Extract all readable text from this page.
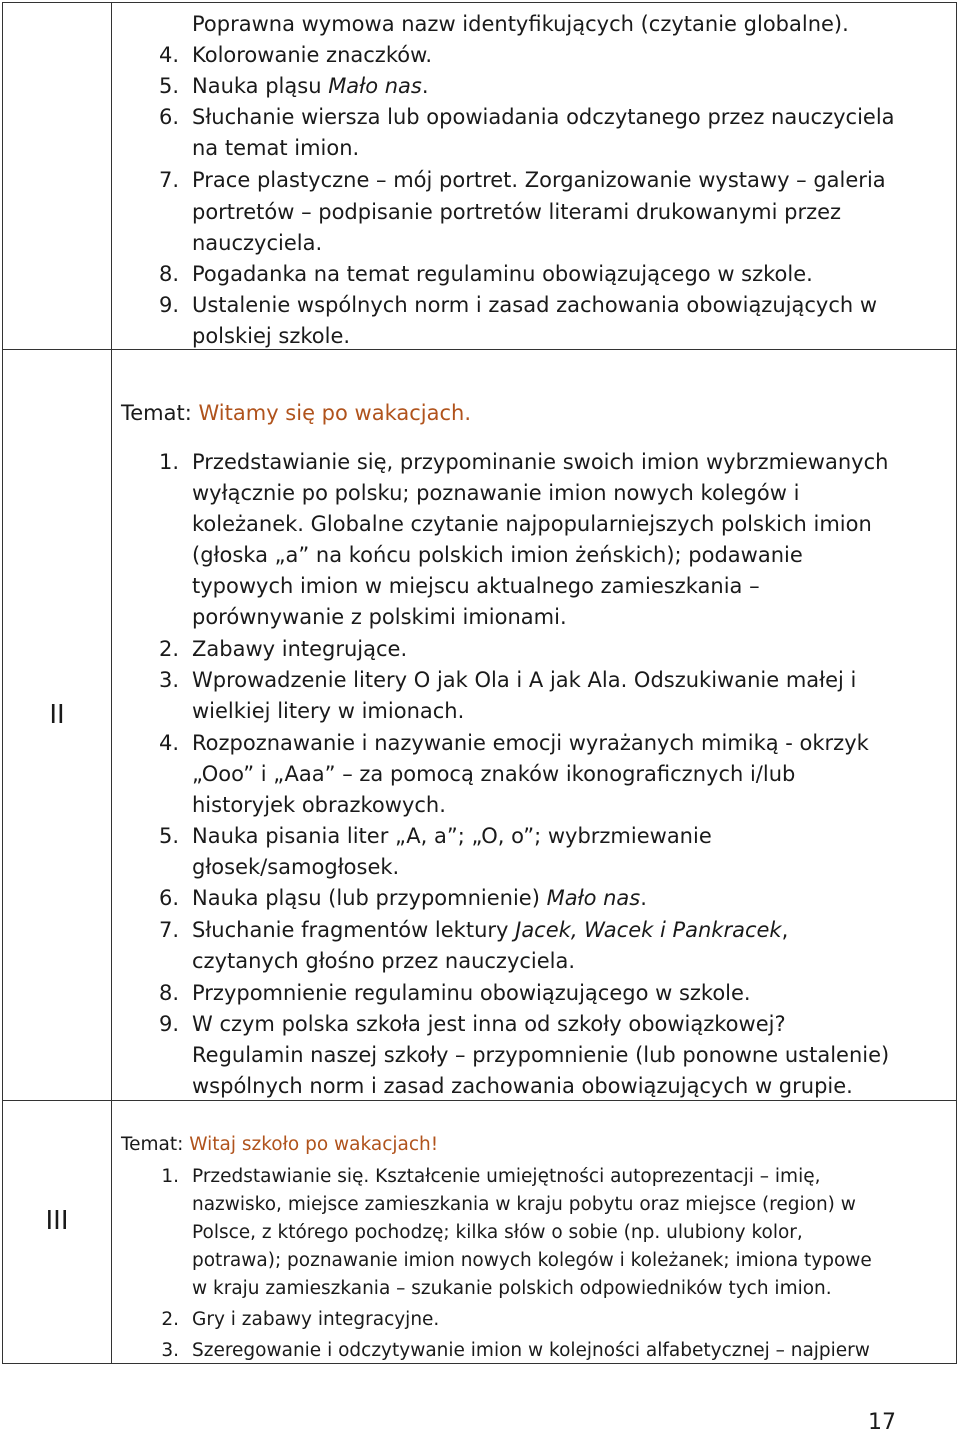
II
III
Poprawna wymowa nazw identyfikujących (czytanie globalne).
4. Kolorowanie znaczków.
5. Nauka pląsu Mało nas.
6. Słuchanie wiersza lub opowiadania odczytanego przez nauczyciela
na temat imion.
7. Prace plastyczne – mój portret. Zorganizowanie wystawy – galeria
portretów – podpisanie portretów literami drukowanymi przez
nauczyciela.
8. Pogadanka na temat regulaminu obowiązującego w szkole.
9. Ustalenie wspólnych norm i zasad zachowania obowiązujących w
polskiej szkole.
Temat: Witamy się po wakacjach.
1. Przedstawianie się, przypominanie swoich imion wybrzmiewanych
wyłącznie po polsku; poznawanie imion nowych kolegów i
koleżanek. Globalne czytanie najpopularniejszych polskich imion
(głoska „a” na końcu polskich imion żeńskich); podawanie
typowych imion w miejscu aktualnego zamieszkania –
porównywanie z polskimi imionami.
2. Zabawy integrujące.
3. Wprowadzenie litery O jak Ola i A jak Ala. Odszukiwanie małej i
wielkiej litery w imionach.
4. Rozpoznawanie i nazywanie emocji wyrażanych mimiką - okrzyk
„Ooo” i „Aaa” – za pomocą znaków ikonograficznych i/lub
historyjek obrazkowych.
5. Nauka pisania liter „A, a”; „O, o”; wybrzmiewanie
głosek/samogłosek.
6. Nauka pląsu (lub przypomnienie) Mało nas.
7. Słuchanie fragmentów lektury Jacek, Wacek i Pankracek,
czytanych głośno przez nauczyciela.
8. Przypomnienie regulaminu obowiązującego w szkole.
9. W czym polska szkoła jest inna od szkoły obowiązkowej?
Regulamin naszej szkoły – przypomnienie (lub ponowne ustalenie)
wspólnych norm i zasad zachowania obowiązujących w grupie.
Temat: Witaj szkoło po wakacjach!
1. Przedstawianie się. Kształcenie umiejętności autoprezentacji – imię,
nazwisko, miejsce zamieszkania w kraju pobytu oraz miejsce (region) w
Polsce, z którego pochodzę; kilka słów o sobie (np. ulubiony kolor,
potrawa); poznawanie imion nowych kolegów i koleżanek; imiona typowe
w kraju zamieszkania – szukanie polskich odpowiedników tych imion.
2. Gry i zabawy integracyjne.
3. Szeregowanie i odczytywanie imion w kolejności alfabetycznej – najpierw
17
